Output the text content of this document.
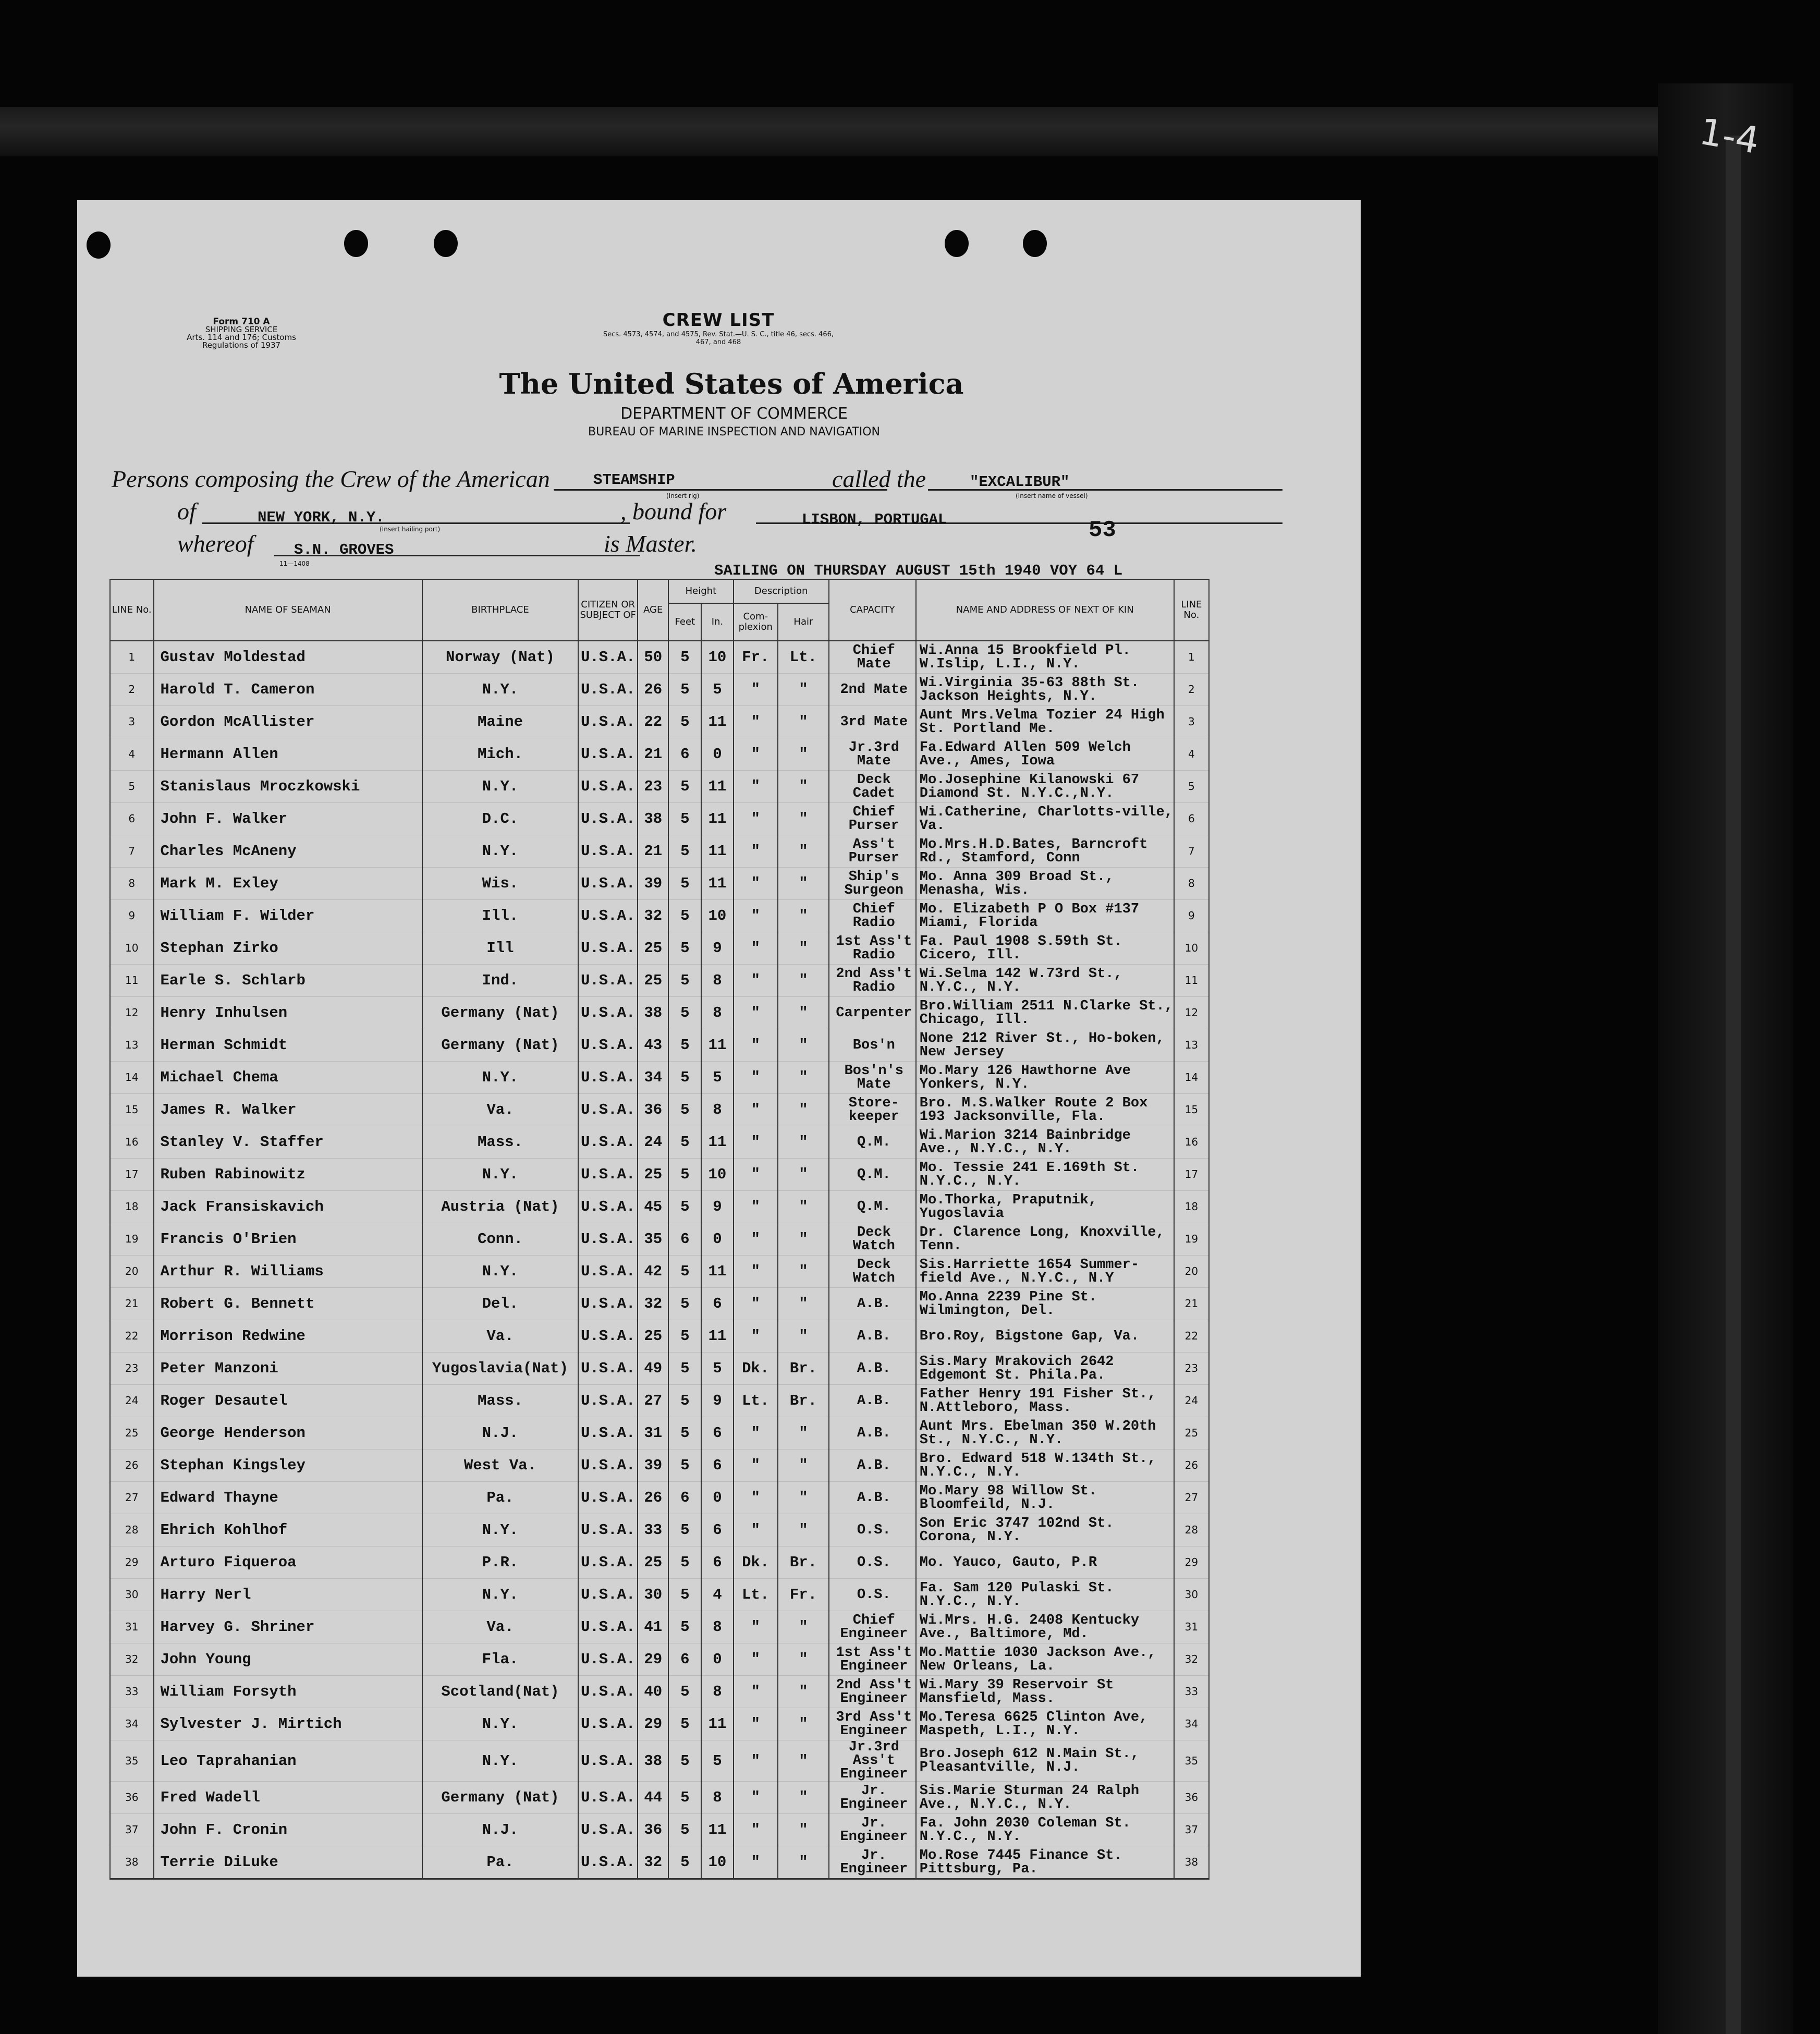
1-4
Form 710 A
SHIPPING SERVICE
Arts. 114 and 176; Customs Regulations of 1937
CREW LIST
Secs. 4573, 4574, and 4575, Rev. Stat.—U. S. C., title 46, secs. 466, 467, and 468
The United States of America
DEPARTMENT OF COMMERCE
BUREAU OF MARINE INSPECTION AND NAVIGATION
Persons composing the Crew of the American	STEAMSHIP
(Insert rig)
called the	"EXCALIBUR"
(Insert name of vessel)
of	NEW YORK, N.Y.
(Insert hailing port)
, bound for	LISBON, PORTUGAL	53
whereof	S.N. GROVES
11—1408
is Master.
SAILING ON THURSDAY AUGUST 15th 1940 VOY 64 L
LINE No.	NAME OF SEAMAN	BIRTHPLACE	CITIZEN OR SUBJECT OF	AGE	Height		Description		CAPACITY	NAME AND ADDRESS OF NEXT OF KIN	LINE No.
					Feet	In.	Com- plexion	Hair			
1	Gustav Moldestad	Norway (Nat)	U.S.A.	50	5	10	Fr.	Lt.	Chief Mate	Wi.Anna 15 Brookfield Pl. W.Islip, L.I., N.Y.	1
2	Harold T. Cameron	N.Y.	U.S.A.	26	5	5	"	"	2nd Mate	Wi.Virginia 35-63 88th St. Jackson Heights, N.Y.	2
3	Gordon McAllister	Maine	U.S.A.	22	5	11	"	"	3rd Mate	Aunt Mrs.Velma Tozier 24 High St. Portland Me.	3
4	Hermann Allen	Mich.	U.S.A.	21	6	0	"	"	Jr.3rd Mate	Fa.Edward Allen 509 Welch Ave., Ames, Iowa	4
5	Stanislaus Mroczkowski	N.Y.	U.S.A.	23	5	11	"	"	Deck Cadet	Mo.Josephine Kilanowski 67 Diamond St. N.Y.C.,N.Y.	5
6	John F. Walker	D.C.	U.S.A.	38	5	11	"	"	Chief Purser	Wi.Catherine, Charlotts-ville, Va.	6
7	Charles McAneny	N.Y.	U.S.A.	21	5	11	"	"	Ass't Purser	Mo.Mrs.H.D.Bates, Barncroft Rd., Stamford, Conn	7
8	Mark M. Exley	Wis.	U.S.A.	39	5	11	"	"	Ship's Surgeon	Mo. Anna 309 Broad St., Menasha, Wis.	8
9	William F. Wilder	Ill.	U.S.A.	32	5	10	"	"	Chief Radio	Mo. Elizabeth P O Box #137 Miami, Florida	9
10	Stephan Zirko	Ill	U.S.A.	25	5	9	"	"	1st Ass't Radio	Fa. Paul 1908 S.59th St. Cicero, Ill.	10
11	Earle S. Schlarb	Ind.	U.S.A.	25	5	8	"	"	2nd Ass't Radio	Wi.Selma 142 W.73rd St., N.Y.C., N.Y.	11
12	Henry Inhulsen	Germany (Nat)	U.S.A.	38	5	8	"	"	Carpenter	Bro.William 2511 N.Clarke St., Chicago, Ill.	12
13	Herman Schmidt	Germany (Nat)	U.S.A.	43	5	11	"	"	Bos'n	None 212 River St., Ho-boken, New Jersey	13
14	Michael Chema	N.Y.	U.S.A.	34	5	5	"	"	Bos'n's Mate	Mo.Mary 126 Hawthorne Ave Yonkers, N.Y.	14
15	James R. Walker	Va.	U.S.A.	36	5	8	"	"	Store-keeper	Bro. M.S.Walker Route 2 Box 193 Jacksonville, Fla.	15
16	Stanley V. Staffer	Mass.	U.S.A.	24	5	11	"	"	Q.M.	Wi.Marion 3214 Bainbridge Ave., N.Y.C., N.Y.	16
17	Ruben Rabinowitz	N.Y.	U.S.A.	25	5	10	"	"	Q.M.	Mo. Tessie 241 E.169th St. N.Y.C., N.Y.	17
18	Jack Fransiskavich	Austria (Nat)	U.S.A.	45	5	9	"	"	Q.M.	Mo.Thorka, Praputnik, Yugoslavia	18
19	Francis O'Brien	Conn.	U.S.A.	35	6	0	"	"	Deck Watch	Dr. Clarence Long, Knoxville, Tenn.	19
20	Arthur R. Williams	N.Y.	U.S.A.	42	5	11	"	"	Deck Watch	Sis.Harriette 1654 Summer-field Ave., N.Y.C., N.Y	20
21	Robert G. Bennett	Del.	U.S.A.	32	5	6	"	"	A.B.	Mo.Anna 2239 Pine St. Wilmington, Del.	21
22	Morrison Redwine	Va.	U.S.A.	25	5	11	"	"	A.B.	Bro.Roy, Bigstone Gap, Va.	22
23	Peter Manzoni	Yugoslavia(Nat)	U.S.A.	49	5	5	Dk.	Br.	A.B.	Sis.Mary Mrakovich 2642 Edgemont St. Phila.Pa.	23
24	Roger Desautel	Mass.	U.S.A.	27	5	9	Lt.	Br.	A.B.	Father Henry 191 Fisher St., N.Attleboro, Mass.	24
25	George Henderson	N.J.	U.S.A.	31	5	6	"	"	A.B.	Aunt Mrs. Ebelman 350 W.20th St., N.Y.C., N.Y.	25
26	Stephan Kingsley	West Va.	U.S.A.	39	5	6	"	"	A.B.	Bro. Edward 518 W.134th St., N.Y.C., N.Y.	26
27	Edward Thayne	Pa.	U.S.A.	26	6	0	"	"	A.B.	Mo.Mary 98 Willow St. Bloomfeild, N.J.	27
28	Ehrich Kohlhof	N.Y.	U.S.A.	33	5	6	"	"	O.S.	Son Eric 3747 102nd St. Corona, N.Y.	28
29	Arturo Fiqueroa	P.R.	U.S.A.	25	5	6	Dk.	Br.	O.S.	Mo. Yauco, Gauto, P.R	29
30	Harry Nerl	N.Y.	U.S.A.	30	5	4	Lt.	Fr.	O.S.	Fa. Sam 120 Pulaski St. N.Y.C., N.Y.	30
31	Harvey G. Shriner	Va.	U.S.A.	41	5	8	"	"	Chief Engineer	Wi.Mrs. H.G. 2408 Kentucky Ave., Baltimore, Md.	31
32	John Young	Fla.	U.S.A.	29	6	0	"	"	1st Ass't Engineer	Mo.Mattie 1030 Jackson Ave., New Orleans, La.	32
33	William Forsyth	Scotland(Nat)	U.S.A.	40	5	8	"	"	2nd Ass't Engineer	Wi.Mary 39 Reservoir St Mansfield, Mass.	33
34	Sylvester J. Mirtich	N.Y.	U.S.A.	29	5	11	"	"	3rd Ass't Engineer	Mo.Teresa 6625 Clinton Ave, Maspeth, L.I., N.Y.	34
35	Leo Taprahanian	N.Y.	U.S.A.	38	5	5	"	"	Jr.3rd Ass't Engineer	Bro.Joseph 612 N.Main St., Pleasantville, N.J.	35
36	Fred Wadell	Germany (Nat)	U.S.A.	44	5	8	"	"	Jr. Engineer	Sis.Marie Sturman 24 Ralph Ave., N.Y.C., N.Y.	36
37	John F. Cronin	N.J.	U.S.A.	36	5	11	"	"	Jr. Engineer	Fa. John 2030 Coleman St. N.Y.C., N.Y.	37
38	Terrie DiLuke	Pa.	U.S.A.	32	5	10	"	"	Jr. Engineer	Mo.Rose 7445 Finance St. Pittsburg, Pa.	38
